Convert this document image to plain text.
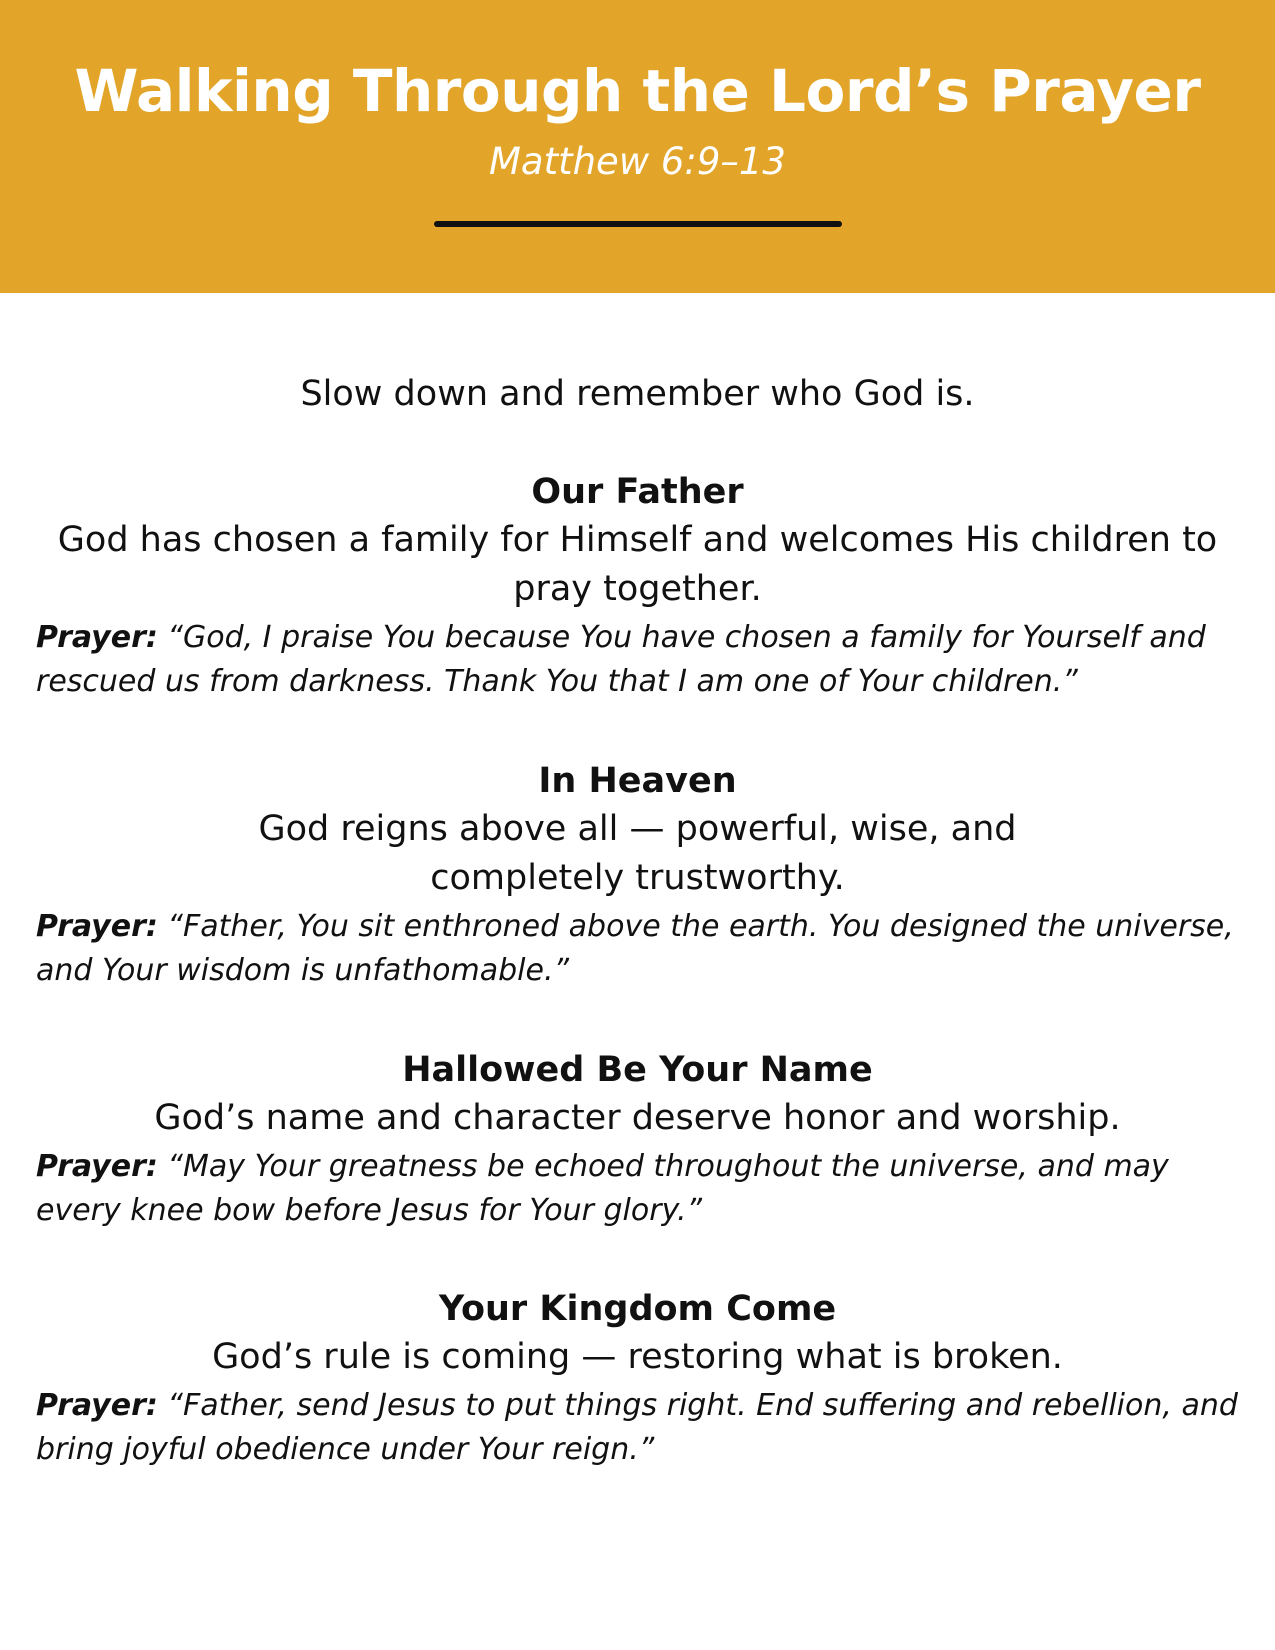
Walking Through the Lord’s Prayer

Matthew 6:9–13

Slow down and remember who God is.

Our Father

God has chosen a family for Himself and welcomes His children to pray together.

Prayer: “God, I praise You because You have chosen a family for Yourself and rescued us from darkness. Thank You that I am one of Your children.”

In Heaven

God reigns above all — powerful, wise, and completely trustworthy.

Prayer: “Father, You sit enthroned above the earth. You designed the universe, and Your wisdom is unfathomable.”

Hallowed Be Your Name

God’s name and character deserve honor and worship.

Prayer: “May Your greatness be echoed throughout the universe, and may every knee bow before Jesus for Your glory.”

Your Kingdom Come

God’s rule is coming — restoring what is broken.

Prayer: “Father, send Jesus to put things right. End suffering and rebellion, and bring joyful obedience under Your reign.”
